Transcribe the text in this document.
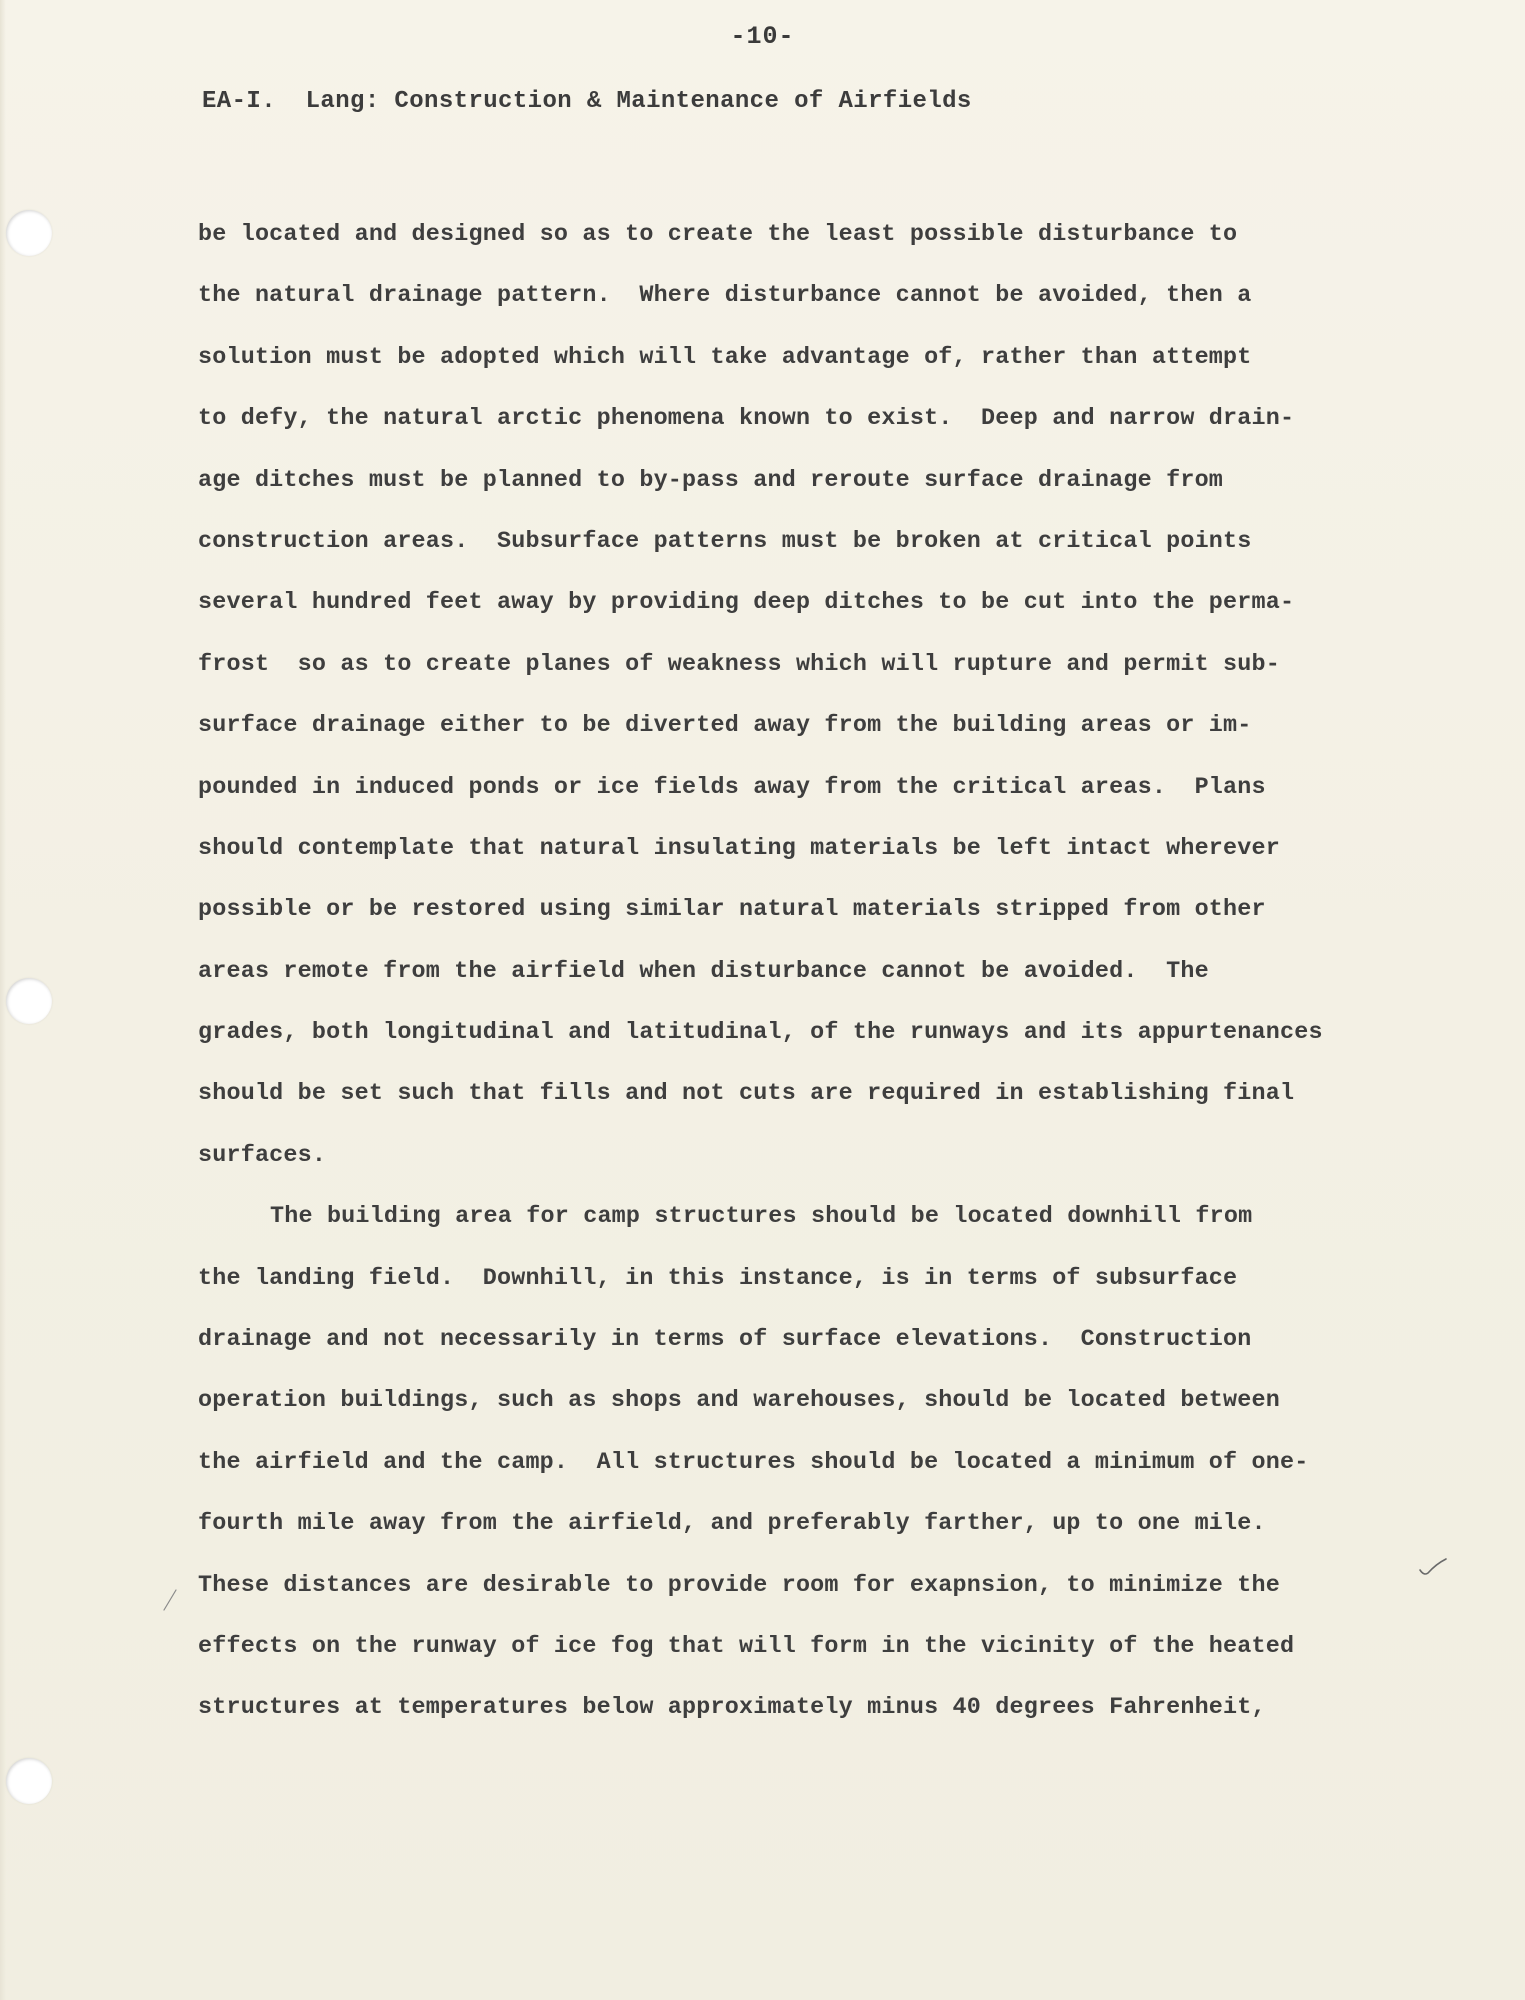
-10-
EA-I.  Lang: Construction & Maintenance of Airfields
be located and designed so as to create the least possible disturbance to
the natural drainage pattern.  Where disturbance cannot be avoided, then a
solution must be adopted which will take advantage of, rather than attempt
to defy, the natural arctic phenomena known to exist.  Deep and narrow drain-
age ditches must be planned to by-pass and reroute surface drainage from
construction areas.  Subsurface patterns must be broken at critical points
several hundred feet away by providing deep ditches to be cut into the perma-
frost  so as to create planes of weakness which will rupture and permit sub-
surface drainage either to be diverted away from the building areas or im-
pounded in induced ponds or ice fields away from the critical areas.  Plans
should contemplate that natural insulating materials be left intact wherever
possible or be restored using similar natural materials stripped from other
areas remote from the airfield when disturbance cannot be avoided.  The
grades, both longitudinal and latitudinal, of the runways and its appurtenances
should be set such that fills and not cuts are required in establishing final
surfaces.
The building area for camp structures should be located downhill from
the landing field.  Downhill, in this instance, is in terms of subsurface
drainage and not necessarily in terms of surface elevations.  Construction
operation buildings, such as shops and warehouses, should be located between
the airfield and the camp.  All structures should be located a minimum of one-
fourth mile away from the airfield, and preferably farther, up to one mile.
These distances are desirable to provide room for exapnsion, to minimize the
effects on the runway of ice fog that will form in the vicinity of the heated
structures at temperatures below approximately minus 40 degrees Fahrenheit,
